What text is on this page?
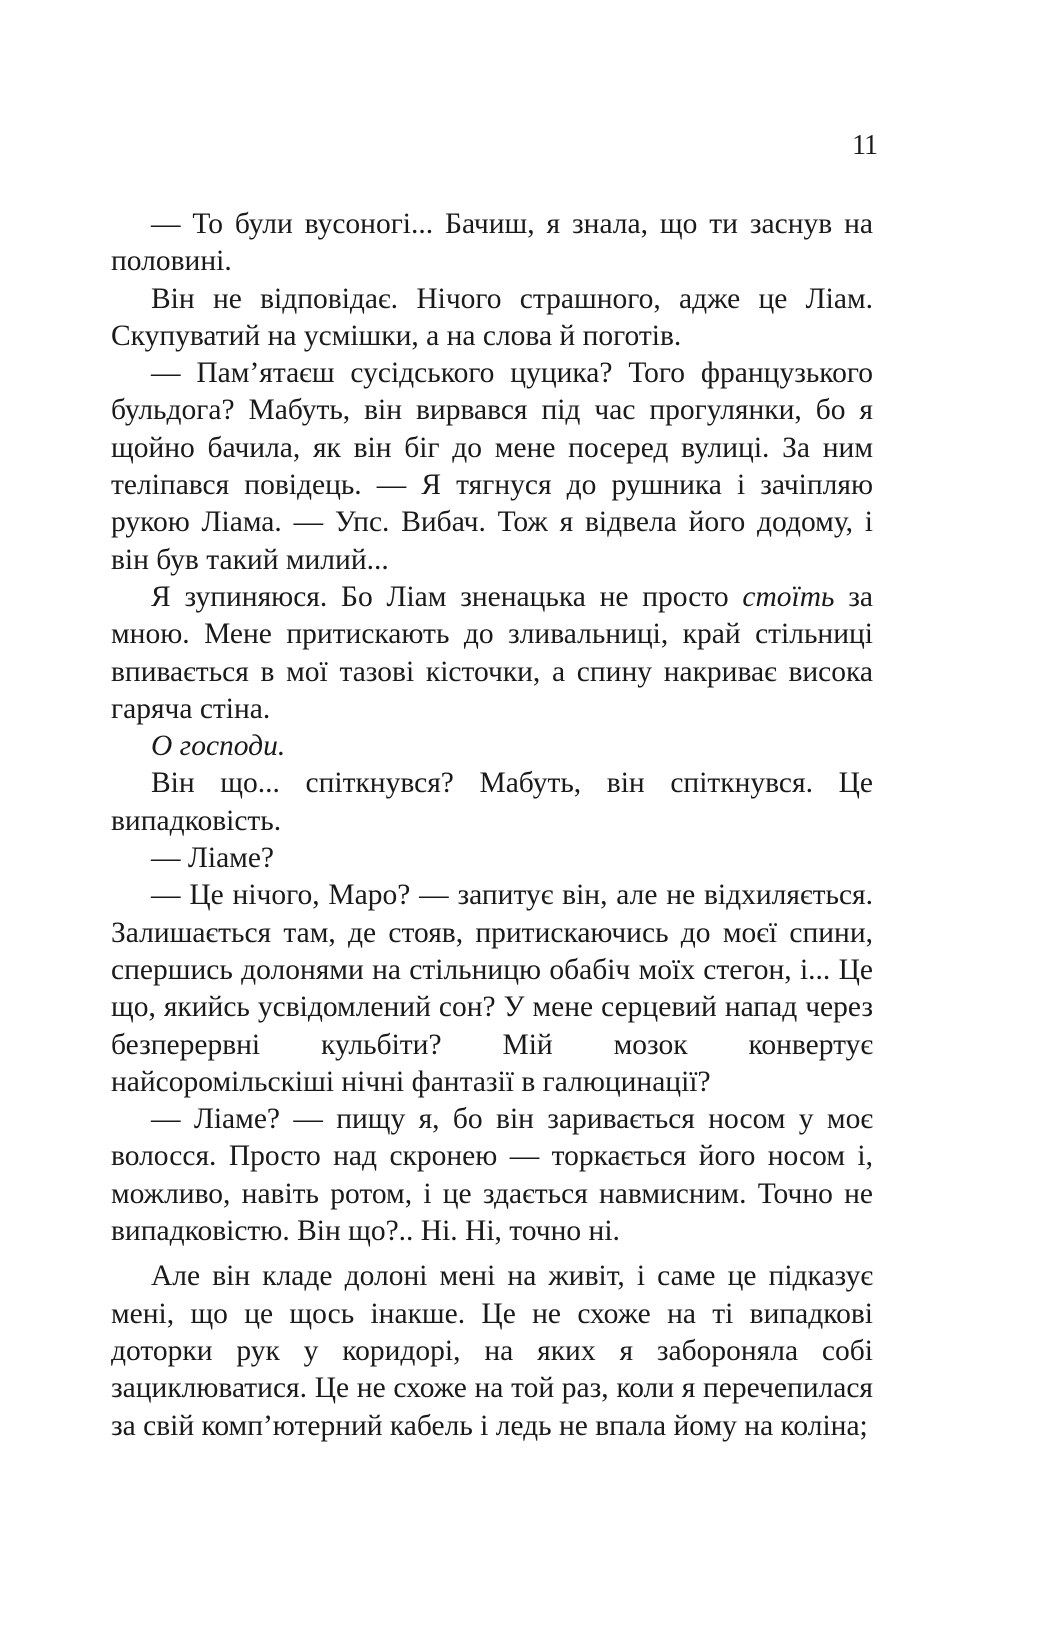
11

— То були вусоногі... Бачиш, я знала, що ти заснув на половині.

Він не відповідає. Нічого страшного, адже це Ліам. Скупуватий на усмішки, а на слова й поготів.

— Пам’ятаєш сусідського цуцика? Того французького бульдога? Мабуть, він вирвався під час прогулянки, бо я щойно бачила, як він біг до мене посеред вулиці. За ним теліпався повідець. — Я тягнуся до рушника і зачіпляю рукою Ліама. — Упс. Вибач. Тож я відвела його додому, і він був такий милий...

Я зупиняюся. Бо Ліам зненацька не просто стоїть за мною. Мене притискають до зливальниці, край стільниці впивається в мої тазові кісточки, а спину накриває висока гаряча стіна.

О господи.

Він що... спіткнувся? Мабуть, він спіткнувся. Це випадковість.

— Ліаме?

— Це нічого, Маро? — запитує він, але не відхиляється. Залишається там, де стояв, притискаючись до моєї спини, спершись долонями на стільницю обабіч моїх стегон, і... Це що, якийсь усвідомлений сон? У мене серцевий напад через безперервні кульбіти? Мій мозок конвертує найсоромільскіші нічні фантазії в галюцинації?

— Ліаме? — пищу я, бо він заривається носом у моє волосся. Просто над скронею — торкається його носом і, можливо, навіть ротом, і це здається навмисним. Точно не випадковістю. Він що?.. Ні. Ні, точно ні.

Але він кладе долоні мені на живіт, і саме це підказує мені, що це щось інакше. Це не схоже на ті випадкові доторки рук у коридорі, на яких я забороняла собі зациклюватися. Це не схоже на той раз, коли я перечепилася за свій комп’ютерний кабель і ледь не впала йому на коліна;
